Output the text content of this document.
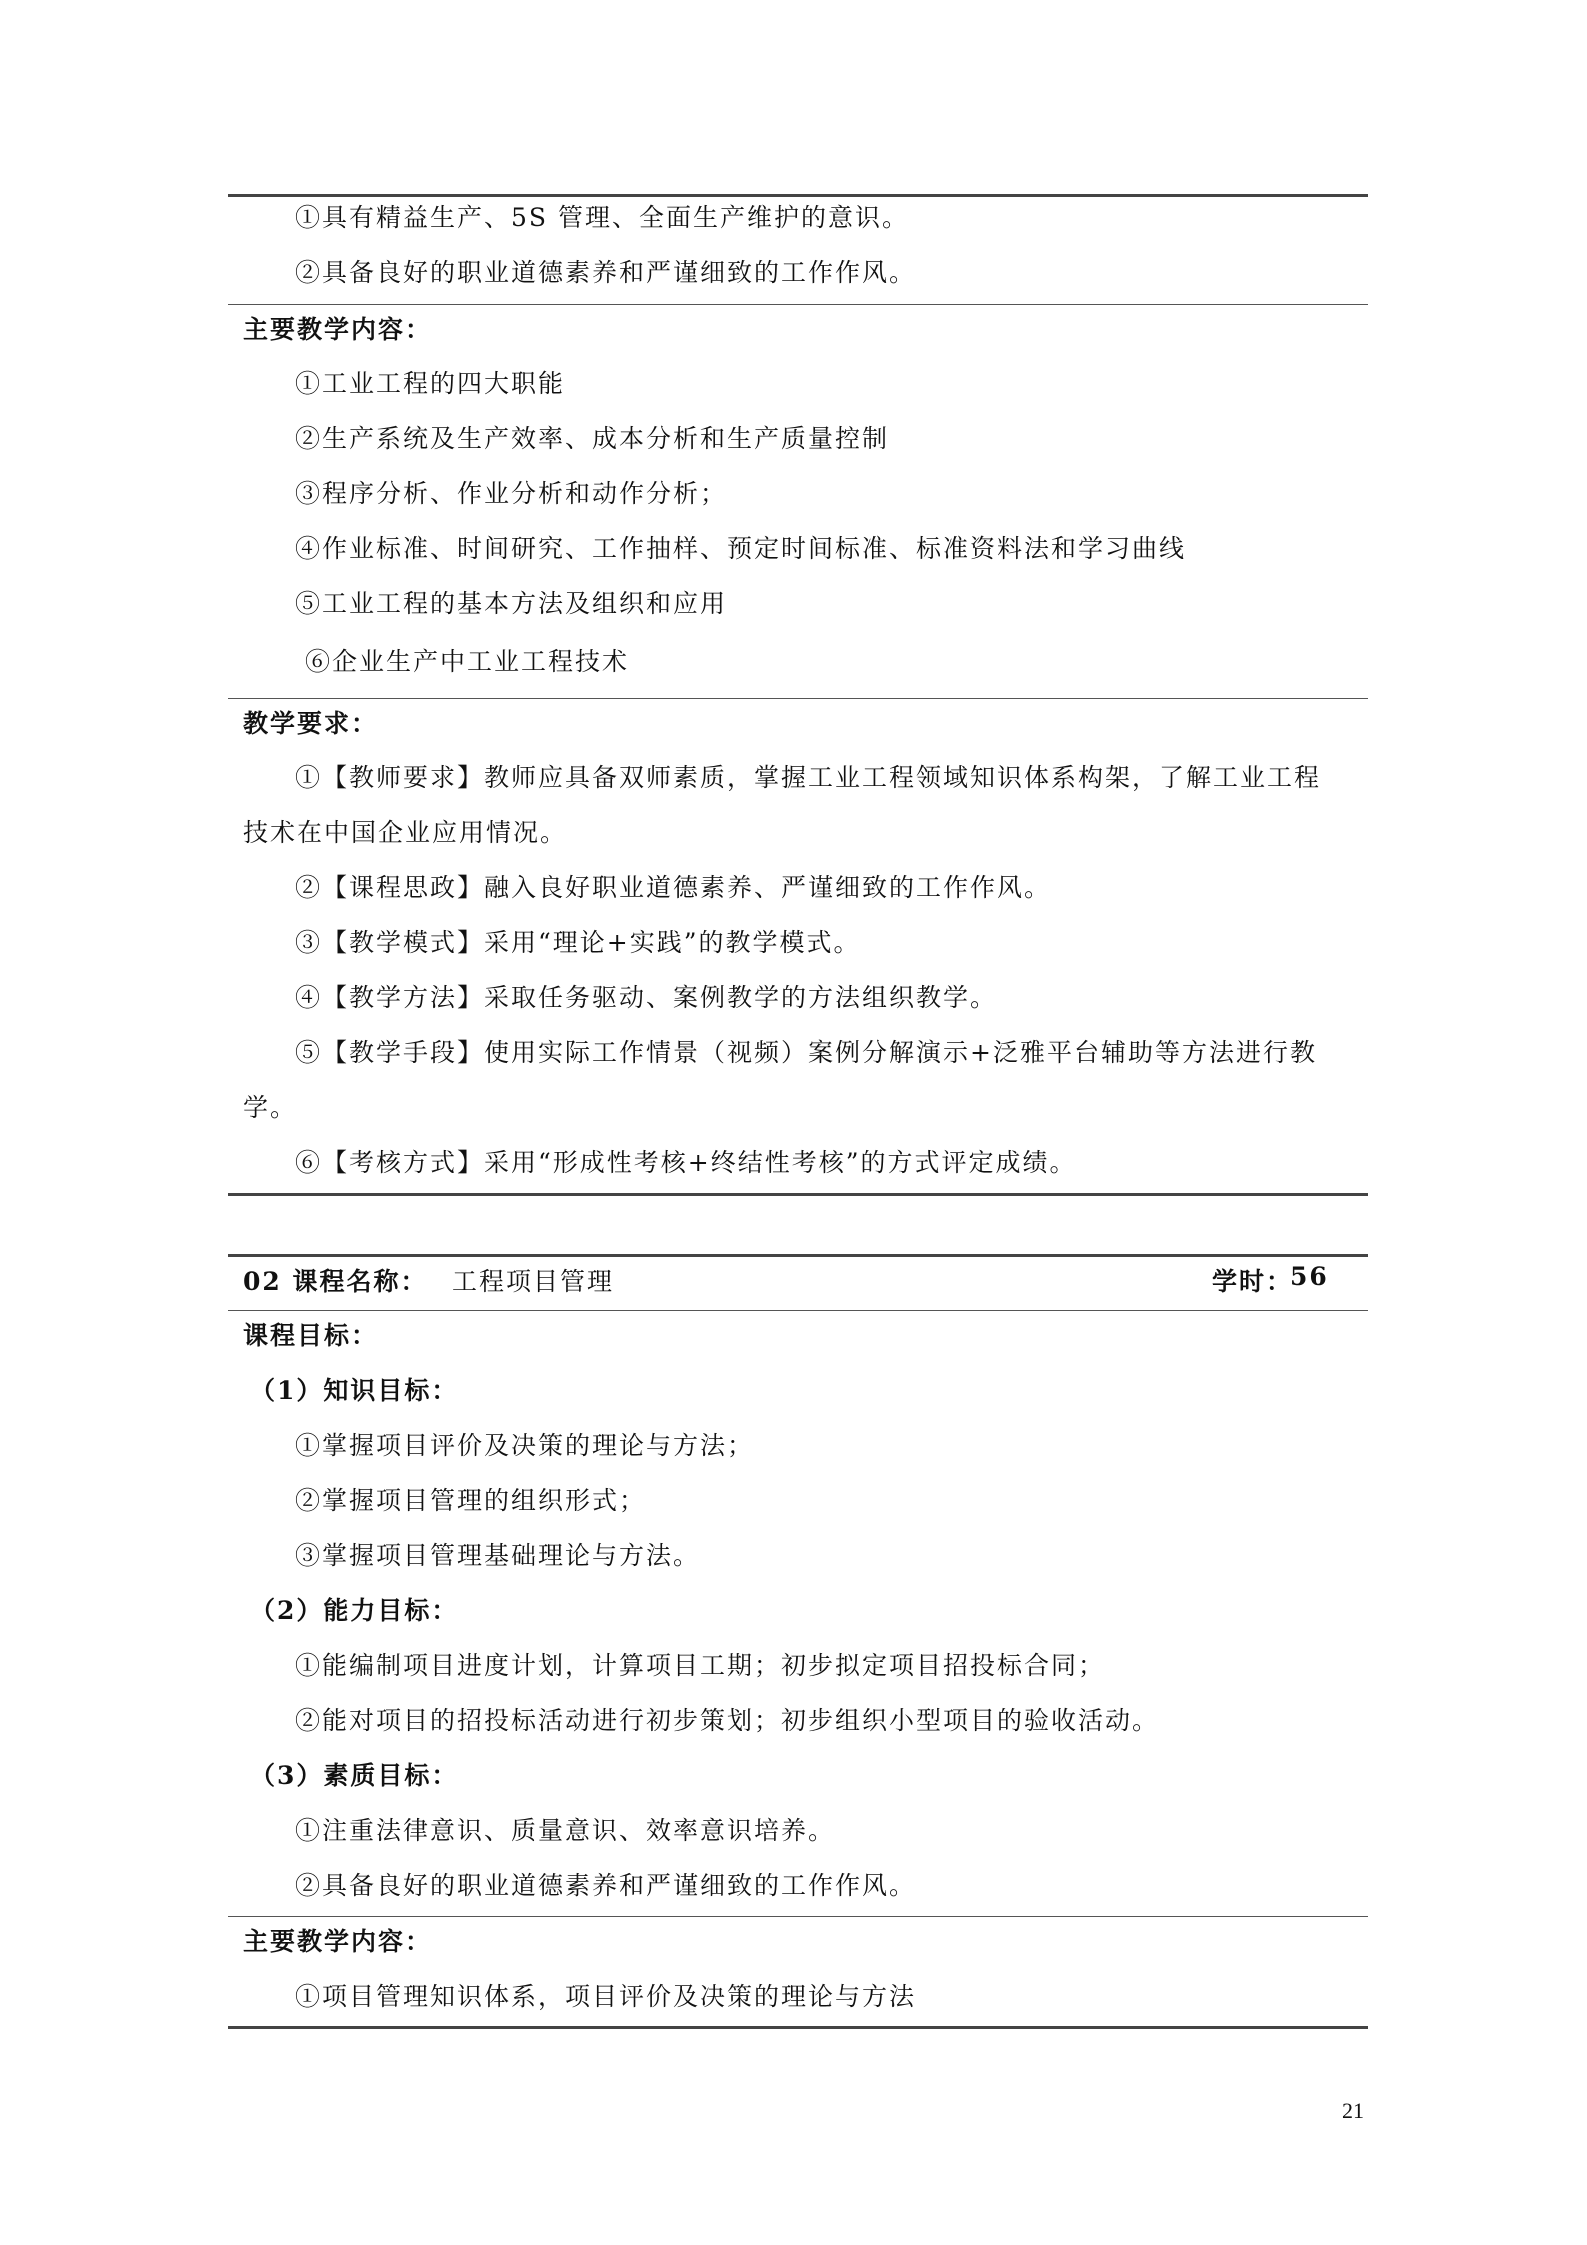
①具有精益生产、5S 管理、全面生产维护的意识。
②具备良好的职业道德素养和严谨细致的工作作风。
主要教学内容：
①工业工程的四大职能
②生产系统及生产效率、成本分析和生产质量控制
③程序分析、作业分析和动作分析；
④作业标准、时间研究、工作抽样、预定时间标准、标准资料法和学习曲线
⑤工业工程的基本方法及组织和应用
⑥企业生产中工业工程技术
教学要求：
①【教师要求】教师应具备双师素质，掌握工业工程领域知识体系构架，了解工业工程
技术在中国企业应用情况。
②【课程思政】融入良好职业道德素养、严谨细致的工作作风。
③【教学模式】采用“理论+实践”的教学模式。
④【教学方法】采取任务驱动、案例教学的方法组织教学。
⑤【教学手段】使用实际工作情景（视频）案例分解演示+泛雅平台辅助等方法进行教
学。
⑥【考核方式】采用“形成性考核+终结性考核”的方式评定成绩。
02 课程名称： 工程项目管理	学时：
56
课程目标：
（1）知识目标：
①掌握项目评价及决策的理论与方法；
②掌握项目管理的组织形式；
③掌握项目管理基础理论与方法。
（2）能力目标：
①能编制项目进度计划，计算项目工期；初步拟定项目招投标合同；
②能对项目的招投标活动进行初步策划；初步组织小型项目的验收活动。
（3）素质目标：
①注重法律意识、质量意识、效率意识培养。
②具备良好的职业道德素养和严谨细致的工作作风。
主要教学内容：
①项目管理知识体系，项目评价及决策的理论与方法
21
